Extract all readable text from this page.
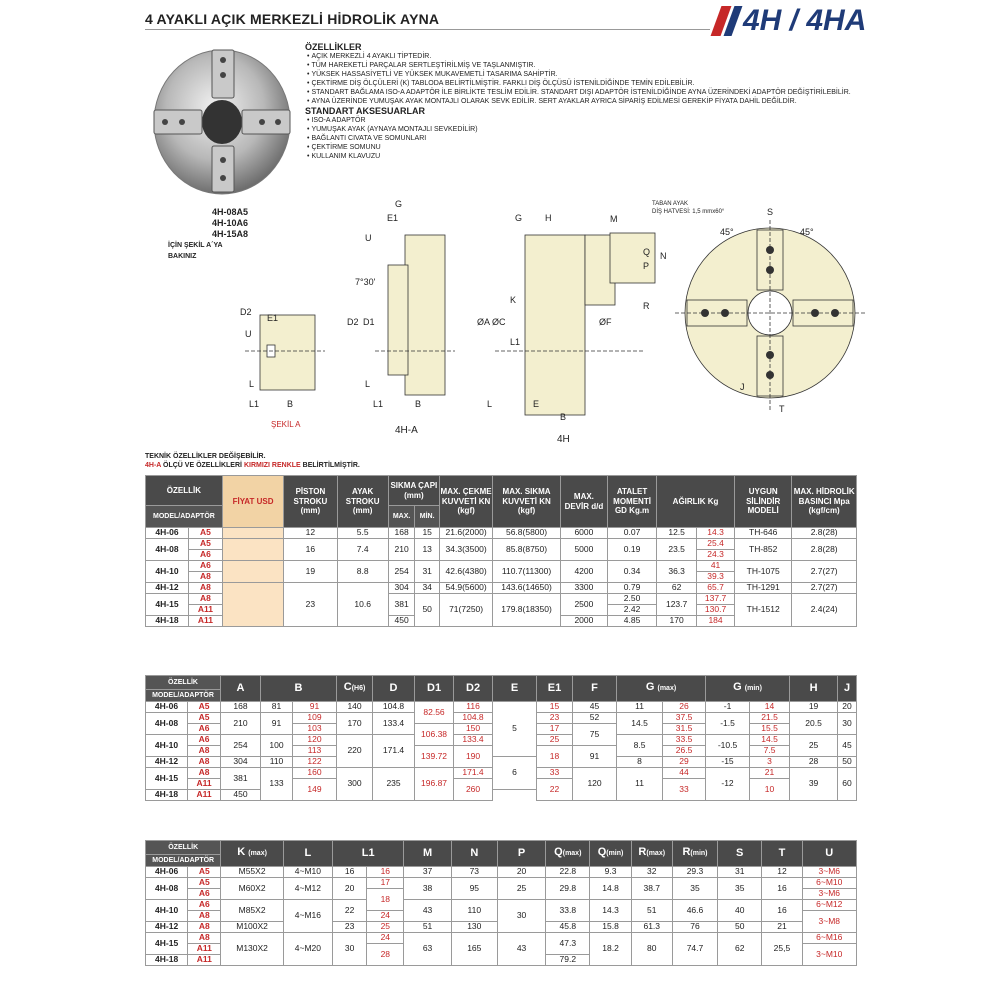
4 AYAKLI AÇIK MERKEZLİ HİDROLİK AYNA	4H / 4HA
4H-08A5
4H-10A6
4H-15A8
İÇİN ŞEKİL A´YA BAKINIZ
ÖZELLİKLER
• AÇIK MERKEZLİ 4 AYAKLI TİPTEDİR.
• TÜM HAREKETLİ PARÇALAR SERTLEŞTİRİLMİŞ VE TAŞLANMIŞTIR.
• YÜKSEK HASSASİYETLİ VE YÜKSEK MUKAVEMETLİ TASARIMA SAHİPTİR.
• ÇEKTİRME DİŞ ÖLÇÜLERİ (K) TABLODA BELİRTİLMİŞTİR. FARKLI DİŞ ÖLÇÜSÜ İSTENİLDİĞİNDE TEMİN EDİLEBİLİR.
• STANDART BAĞLAMA ISO-A ADAPTÖR İLE BİRLİKTE TESLİM EDİLİR. STANDART DIŞI ADAPTÖR İSTENİLDİĞİNDE AYNA ÜZERİNDEKİ ADAPTÖR DEĞİŞTİRİLEBİLİR.
• AYNA ÜZERİNDE YUMUŞAK AYAK MONTAJLI OLARAK SEVK EDİLİR. SERT AYAKLAR AYRICA SİPARİŞ EDİLMESİ GEREKİP FİYATA DAHİL DEĞİLDİR.
STANDART AKSESUARLAR
• ISO-A ADAPTÖR
• YUMUŞAK AYAK (AYNAYA MONTAJLI SEVKEDİLİR)
• BAĞLANTI CIVATA VE SOMUNLARI
• ÇEKTİRME SOMUNU
• KULLANIM KLAVUZU
D2
E1
U
L
L1	B
ŞEKİL A
G
E1
U
7°30'
D2 D1
L
L1	B
4H-A
G	H
ØA ØC	ØF
K
L1
L	E
B
4H
M
Q
P
N
R
TABAN AYAK
DİŞ HATVESİ: 1,5 mmx60°	S
45°	45°
J
T
TEKNİK ÖZELLİKLER DEĞİŞEBİLİR.
4H-A ÖLÇÜ VE ÖZELLİKLERİ KIRMIZI RENKLE BELİRTİLMİŞTİR.
ÖZELLİK		FİYAT USD	PİSTON STROKU (mm)	AYAK STROKU (mm)	SIKMA ÇAPI (mm)		MAX. ÇEKME KUVVETİ KN (kgf)	MAX. SIKMA KUVVETİ KN (kgf)	MAX. DEVİR d/d	ATALET MOMENTİ GD Kg.m	AĞIRLIK Kg		UYGUN SİLİNDİR MODELİ	MAX. HİDROLİK BASINCI Mpa (kgf/cm)
MODEL/ADAPTÖR					MAX.	MİN.								
4H-06	A5		12	5.5	168	15	21.6(2000)	56.8(5800)	6000	0.07	12.5	14.3	TH-646	2.8(28)
4H-08	A5		16	7.4	210	13	34.3(3500)	85.8(8750)	5000	0.19	23.5	25.4	TH-852	2.8(28)
	A6											24.3		
4H-10	A6		19	8.8	254	31	42.6(4380)	110.7(11300)	4200	0.34	36.3	41	TH-1075	2.7(27)
	A8											39.3		
4H-12	A8		23	10.6	304	34	54.9(5600)	143.6(14650)	3300	0.79	62	65.7	TH-1291	2.7(27)
4H-15	A8				381	50	71(7250)	179.8(18350)	2500	2.50	123.7	137.7	TH-1512	2.4(24)
	A11									2.42		130.7		
4H-18	A11				450				2000	4.85	170	184		
ÖZELLİK		A	B		C(H6)	D	D1	D2	E	E1	F	G (max)		G (min)		H	J
MODEL/ADAPTÖR																	
4H-06	A5	168	81	91	140	104.8	82.56	116	5	15	45	11	26	-1	14	19	20
4H-08	A5	210	91	109	170	133.4		104.8		23	52	14.5	37.5	-1.5	21.5	20.5	30
	A6			103			106.38	150		17	75		31.5		15.5		
4H-10	A6	254	100	120	220	171.4		133.4		25		8.5	33.5	-10.5	14.5	25	45
	A8			113			139.72	190		18	91		26.5		7.5		
4H-12	A8	304	110	122					6			8	29	-15	3	28	50
4H-15	A8	381	133	160	300	235	196.87	171.4		33	120	11	44	-12	21	39	60
	A11			149				260		22			33		10		
4H-18	A11	450															
ÖZELLİK		K (max)	L	L1		M	N	P	Q(max)	Q(min)	R(max)	R(min)	S	T	U
MODEL/ADAPTÖR															
4H-06	A5	M55X2	4~M10	16	16	37	73	20	22.8	9.3	32	29.3	31	12	3~M6
4H-08	A5	M60X2	4~M12	20	17	38	95	25	29.8	14.8	38.7	35	35	16	6~M10
	A6				18										3~M6
4H-10	A6	M85X2	4~M16	22		43	110	30	33.8	14.3	51	46.6	40	16	6~M12
	A8				24										3~M8
4H-12	A8	M100X2		23	25	51	130		45.8	15.8	61.3	76	50	21	
4H-15	A8	M130X2	4~M20	30	24	63	165	43	47.3	18.2	80	74.7	62	25,5	6~M16
	A11				28										3~M10
4H-18	A11								79.2						
